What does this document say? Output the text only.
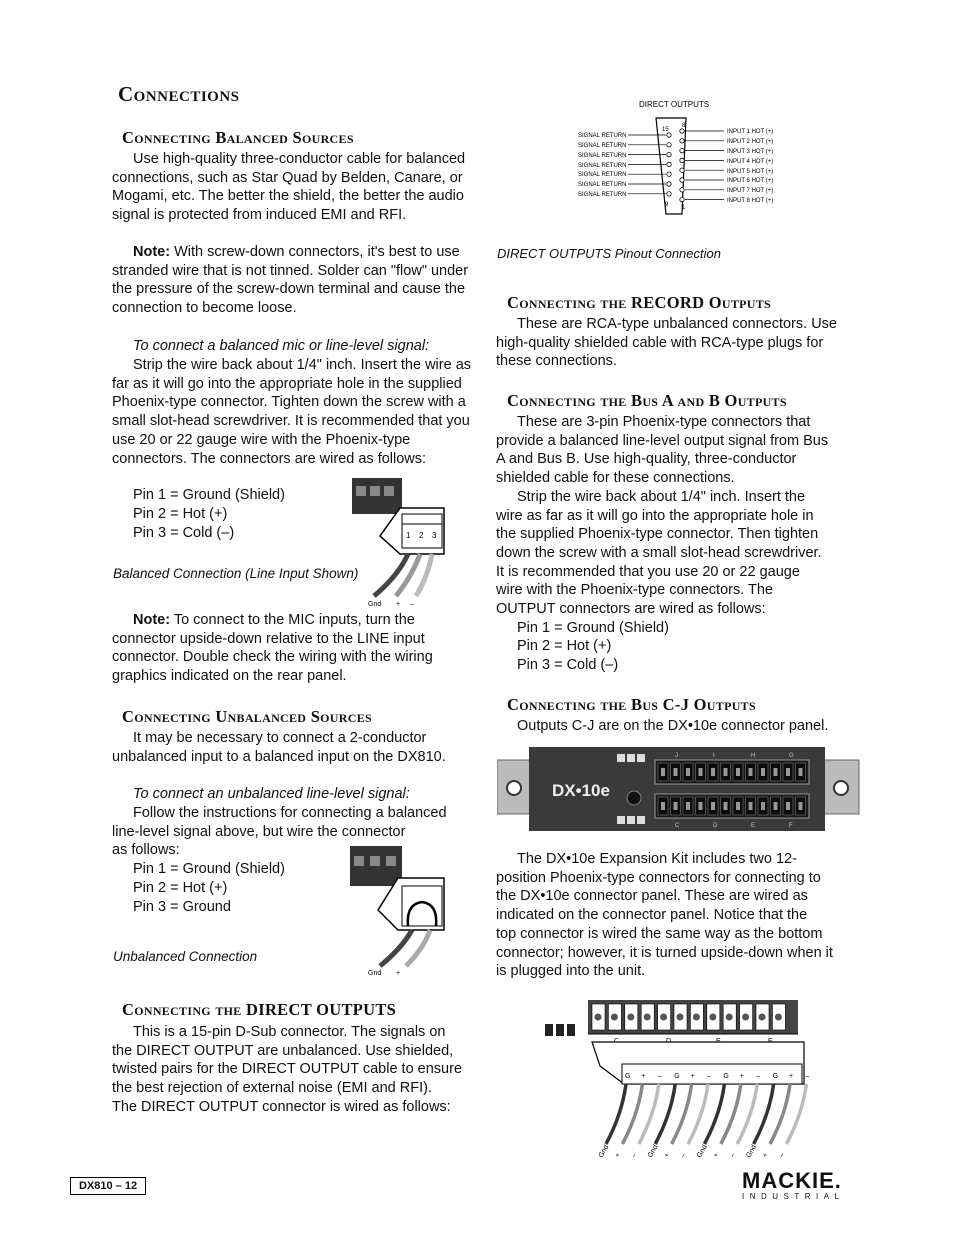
Connections
Connecting Balanced Sources
Use high-quality three-conductor cable for balanced connections, such as Star Quad by Belden, Canare, or Mogami, etc. The better the shield, the better the audio signal is protected from induced EMI and RFI.
Note: With screw-down connectors, it's best to use stranded wire that is not tinned. Solder can "flow" under the pressure of the screw-down terminal and cause the connection to become loose.
To connect a balanced mic or line-level signal:
Strip the wire back about 1/4" inch. Insert the wire as far as it will go into the appropriate hole in the supplied Phoenix-type connector. Tighten down the screw with a small slot-head screwdriver. It is recommended that you use 20 or 22 gauge wire with the Phoenix-type connectors. The connectors are wired as follows:
Pin 1 = Ground (Shield)
Pin 2 = Hot (+)
Pin 3 = Cold (–)	1 2 3
Gnd + –
Balanced Connection (Line Input Shown)
Note: To connect to the MIC inputs, turn the
connector upside-down relative to the LINE input
connector. Double check the wiring with the wiring
graphics indicated on the rear panel.
Connecting Unbalanced Sources
It may be necessary to connect a 2-conductor unbalanced input to a balanced input on the DX810.
To connect an unbalanced line-level signal:
Follow the instructions for connecting a balanced
line-level signal above, but wire the connector
as follows:
Pin 1 = Ground (Shield)
Pin 2 = Hot (+)
Pin 3 = Ground
Gnd +
Unbalanced Connection
Connecting the DIRECT OUTPUTS
This is a 15-pin D-Sub connector. The signals on
the DIRECT OUTPUT are unbalanced. Use shielded,
twisted pairs for the DIRECT OUTPUT cable to ensure
the best rejection of external noise (EMI and RFI).
The DIRECT OUTPUT connector is wired as follows:
DX810 – 12
DIRECT OUTPUTS
15
8
9 1
SIGNAL RETURN
SIGNAL RETURN
SIGNAL RETURN
SIGNAL RETURN
SIGNAL RETURN
SIGNAL RETURN
SIGNAL RETURN
INPUT 1 HOT (+)
INPUT 2 HOT (+)
INPUT 3 HOT (+)
INPUT 4 HOT (+)
INPUT 5 HOT (+)
INPUT 6 HOT (+)
INPUT 7 HOT (+)
INPUT 8 HOT (+)
DIRECT OUTPUTS Pinout Connection
Connecting the RECORD Outputs
These are RCA-type unbalanced connectors. Use
high-quality shielded cable with RCA-type plugs for
these connections.
Connecting the Bus A and B Outputs
These are 3-pin Phoenix-type connectors that
provide a balanced line-level output signal from Bus
A and Bus B. Use high-quality, three-conductor
shielded cable for these connections.
Strip the wire back about 1/4" inch. Insert the
wire as far as it will go into the appropriate hole in
the supplied Phoenix-type connector. Then tighten
down the screw with a small slot-head screwdriver.
It is recommended that you use 20 or 22 gauge
wire with the Phoenix-type connectors. The
OUTPUT connectors are wired as follows:
Pin 1 = Ground (Shield)
Pin 2 = Hot (+)
Pin 3 = Cold (–)
Connecting the Bus C-J Outputs
Outputs C-J are on the DX•10e connector panel.
DX•10e
J	I	H	G
C	D	E	F
The DX•10e Expansion Kit includes two 12-
position Phoenix-type connectors for connecting to
the DX•10e connector panel. These are wired as
indicated on the connector panel. Notice that the
top connector is wired the same way as the bottom
connector; however, it is turned upside-down when it
is plugged into the unit.
G + – G + – G + – G + –
Gnd + – Gnd + – Gnd + – Gnd + –
MACKIE.
INDUSTRIAL
